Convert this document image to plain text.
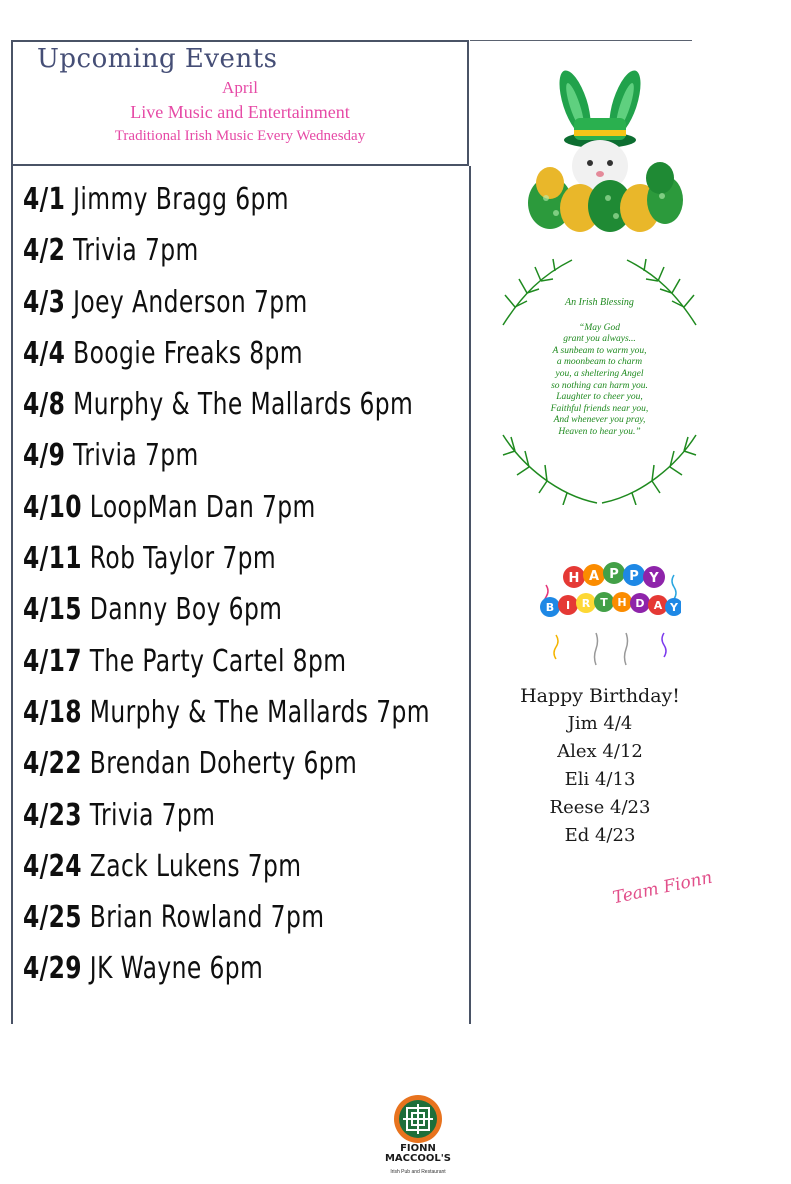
Upcoming Events
April
Live Music and Entertainment
Traditional Irish Music Every Wednesday
4/1 Jimmy Bragg 6pm
4/2 Trivia 7pm
4/3 Joey Anderson 7pm
4/4 Boogie Freaks 8pm
4/8 Murphy & The Mallards 6pm
4/9 Trivia 7pm
4/10 LoopMan Dan 7pm
4/11 Rob Taylor 7pm
4/15 Danny Boy 6pm
4/17 The Party Cartel 8pm
4/18 Murphy & The Mallards 7pm
4/22 Brendan Doherty 6pm
4/23 Trivia 7pm
4/24 Zack Lukens 7pm
4/25 Brian Rowland 7pm
4/29 JK Wayne 6pm
FIONN
MACCOOL'S
Irish Pub and Restaurant
An Irish Blessing
“May God
grant you always...
A sunbeam to warm you,
a moonbeam to charm
you, a sheltering Angel
so nothing can harm you.
Laughter to cheer you,
Faithful friends near you,
And whenever you pray,
Heaven to hear you.”
H A P P Y
B I R T H D A Y
Happy Birthday!
Jim 4/4
Alex 4/12
Eli 4/13
Reese 4/23
Ed 4/23
Team Fionn
